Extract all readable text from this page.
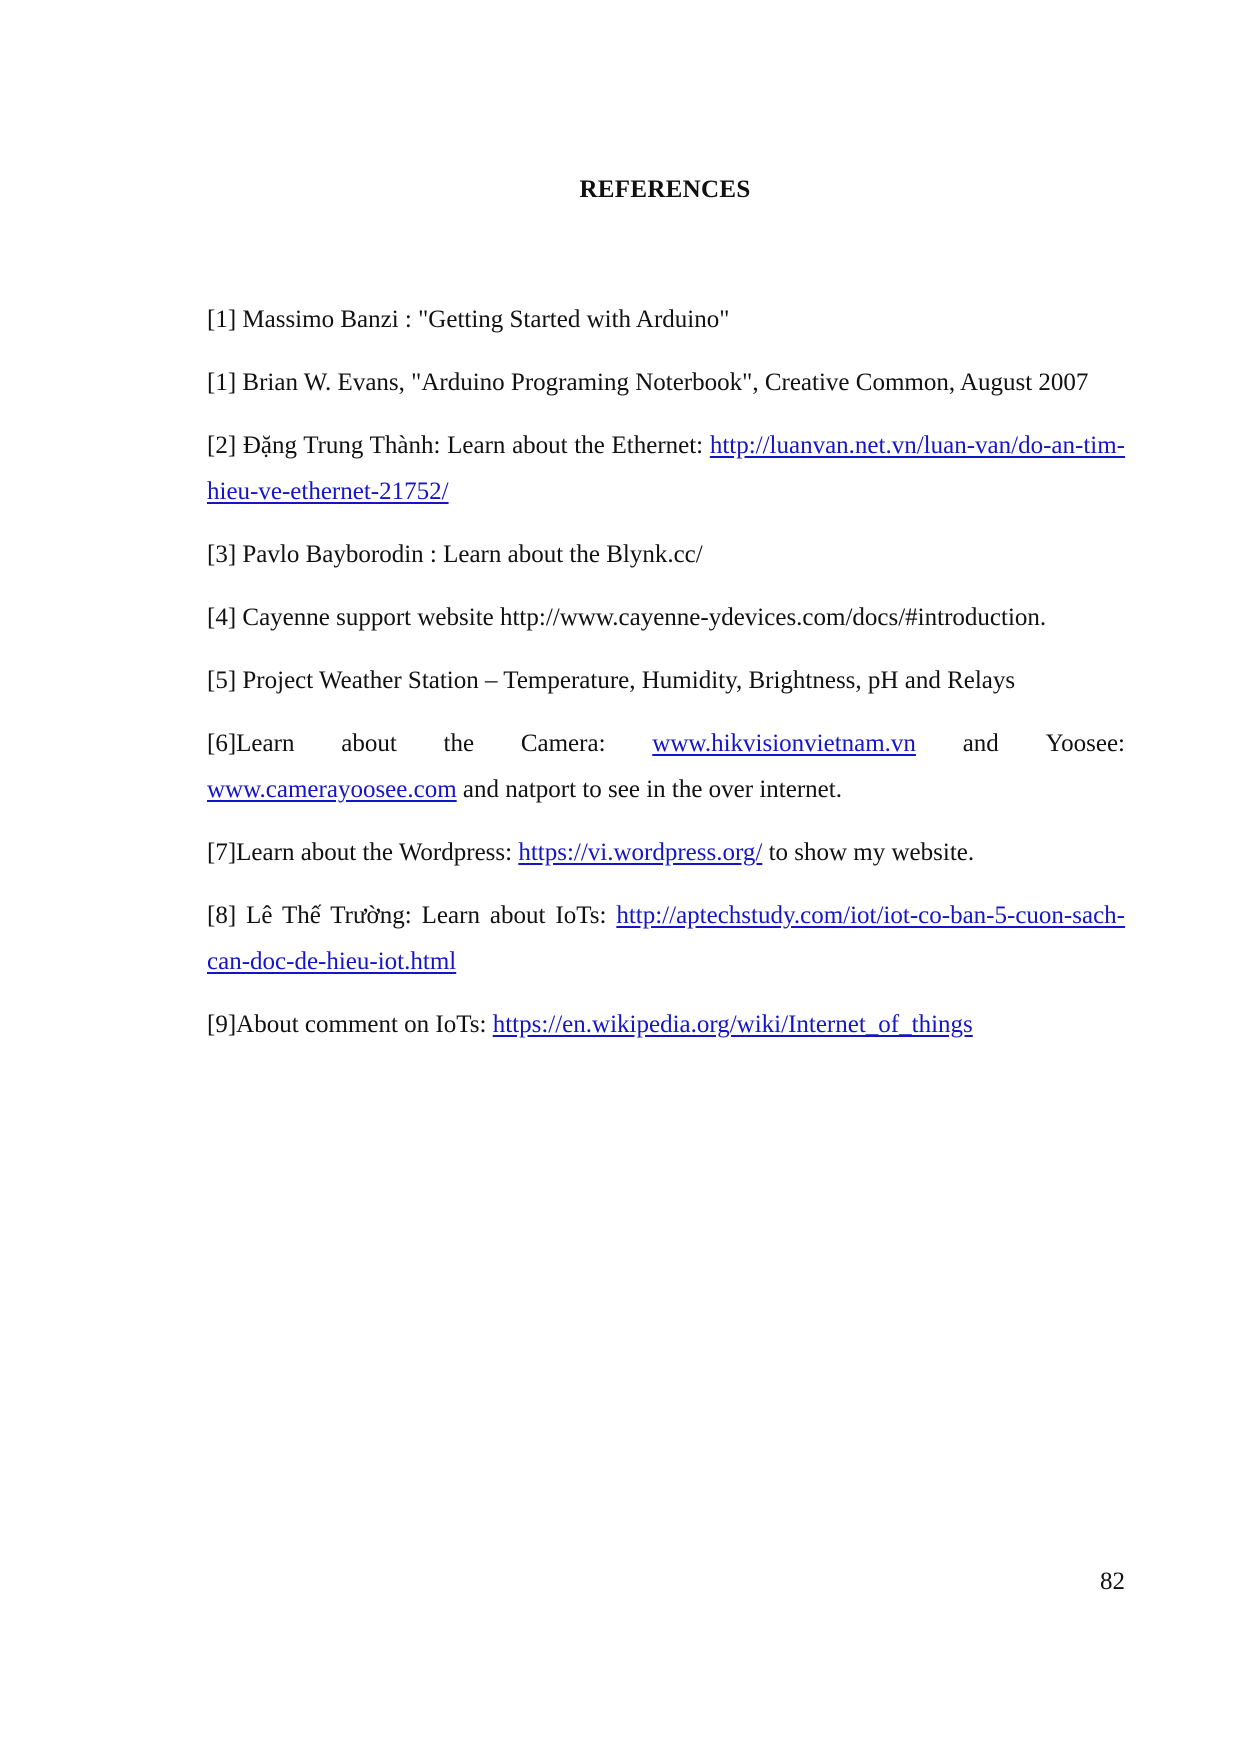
REFERENCES
[1] Massimo Banzi : "Getting Started with Arduino"
[1] Brian W. Evans, "Arduino Programing Noterbook", Creative Common, August 2007
[2] Đặng Trung Thành: Learn about the Ethernet: http://luanvan.net.vn/luan-van/do-an-tim-hieu-ve-ethernet-21752/
[3] Pavlo Bayborodin : Learn about the Blynk.cc/
[4] Cayenne support website http://www.cayenne-ydevices.com/docs/#introduction.
[5] Project Weather Station – Temperature, Humidity, Brightness, pH and Relays
[6]Learn about the Camera: www.hikvisionvietnam.vn and Yoosee:
www.camerayoosee.com and natport to see in the over internet.
[7]Learn about the Wordpress: https://vi.wordpress.org/ to show my website.
[8] Lê Thế Trường: Learn about IoTs: http://aptechstudy.com/iot/iot-co-ban-5-cuon-sach-can-doc-de-hieu-iot.html
[9]About comment on IoTs: https://en.wikipedia.org/wiki/Internet_of_things
82
